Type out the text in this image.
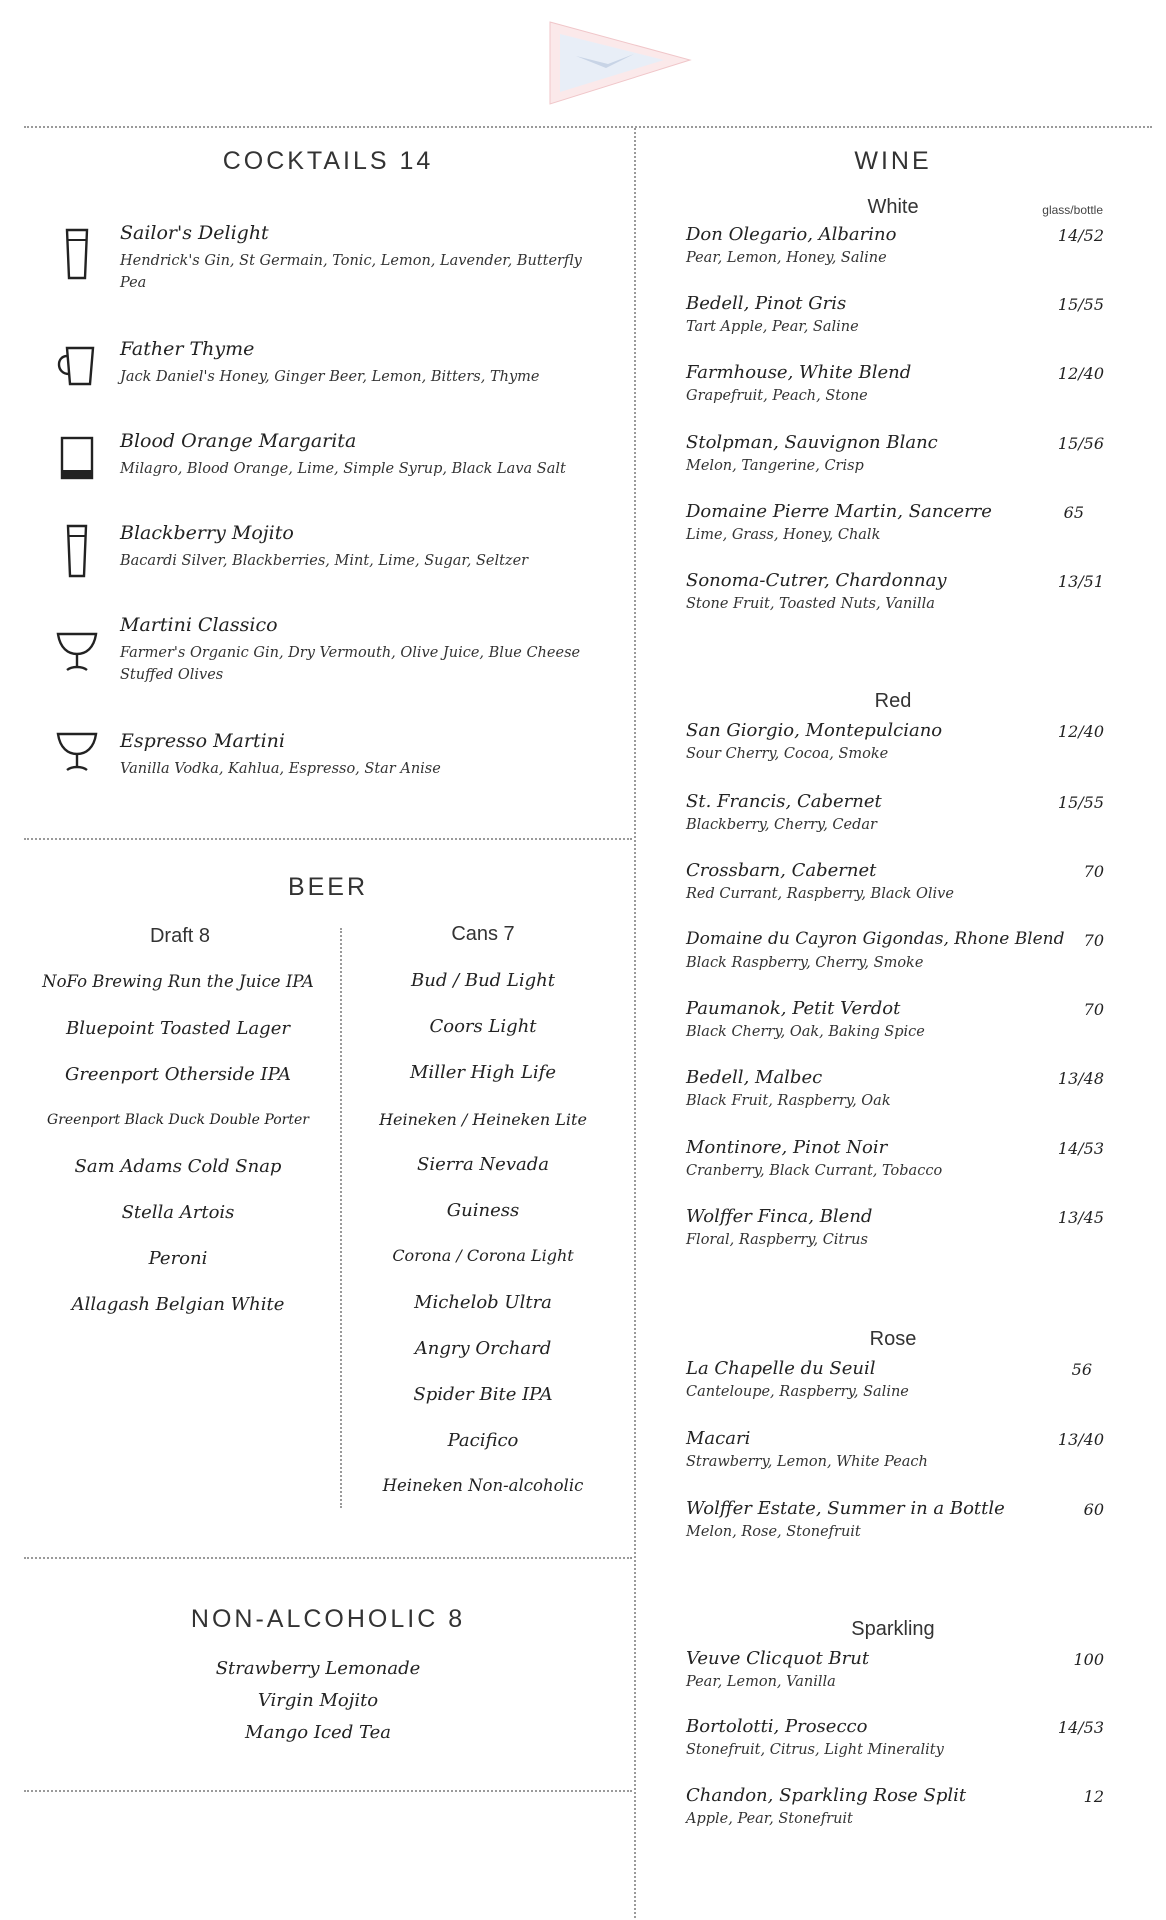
COCKTAILS 14
Sailor's Delight
Hendrick's Gin, St Germain, Tonic, Lemon, Lavender, Butterfly Pea
Father Thyme
Jack Daniel's Honey, Ginger Beer, Lemon, Bitters, Thyme
Blood Orange Margarita
Milagro, Blood Orange, Lime, Simple Syrup, Black Lava Salt
Blackberry Mojito
Bacardi Silver, Blackberries, Mint, Lime, Sugar, Seltzer
Martini Classico
Farmer's Organic Gin, Dry Vermouth, Olive Juice, Blue Cheese Stuffed Olives
Espresso Martini
Vanilla Vodka, Kahlua, Espresso, Star Anise
BEER
Draft 8	Cans 7
NoFo Brewing Run the Juice IPA
Bluepoint Toasted Lager
Greenport Otherside IPA
Greenport Black Duck Double Porter
Sam Adams Cold Snap
Stella Artois
Peroni
Allagash Belgian White
Bud / Bud Light
Coors Light
Miller High Life
Heineken / Heineken Lite
Sierra Nevada
Guiness
Corona / Corona Light
Michelob Ultra
Angry Orchard
Spider Bite IPA
Pacifico
Heineken Non-alcoholic
NON-ALCOHOLIC 8
Strawberry Lemonade
Virgin Mojito
Mango Iced Tea
WINE
White	glass/bottle
Don Olegario, Albarino
Pear, Lemon, Honey, Saline
14/52
Bedell, Pinot Gris
Tart Apple, Pear, Saline
15/55
Farmhouse, White Blend
Grapefruit, Peach, Stone
12/40
Stolpman, Sauvignon Blanc
Melon, Tangerine, Crisp
15/56
Domaine Pierre Martin, Sancerre
Lime, Grass, Honey, Chalk
65
Sonoma-Cutrer, Chardonnay
Stone Fruit, Toasted Nuts, Vanilla
13/51
Red
San Giorgio, Montepulciano
Sour Cherry, Cocoa, Smoke
12/40
St. Francis, Cabernet
Blackberry, Cherry, Cedar
15/55
Crossbarn, Cabernet
Red Currant, Raspberry, Black Olive
70
Domaine du Cayron Gigondas, Rhone Blend
Black Raspberry, Cherry, Smoke
70
Paumanok, Petit Verdot
Black Cherry, Oak, Baking Spice
70
Bedell, Malbec
Black Fruit, Raspberry, Oak
13/48
Montinore, Pinot Noir
Cranberry, Black Currant, Tobacco
14/53
Wolffer Finca, Blend
Floral, Raspberry, Citrus
13/45
Rose
La Chapelle du Seuil
Canteloupe, Raspberry, Saline
56
Macari
Strawberry, Lemon, White Peach
13/40
Wolffer Estate, Summer in a Bottle
Melon, Rose, Stonefruit
60
Sparkling
Veuve Clicquot Brut
Pear, Lemon, Vanilla
100
Bortolotti, Prosecco
Stonefruit, Citrus, Light Minerality
14/53
Chandon, Sparkling Rose Split
Apple, Pear, Stonefruit
12
